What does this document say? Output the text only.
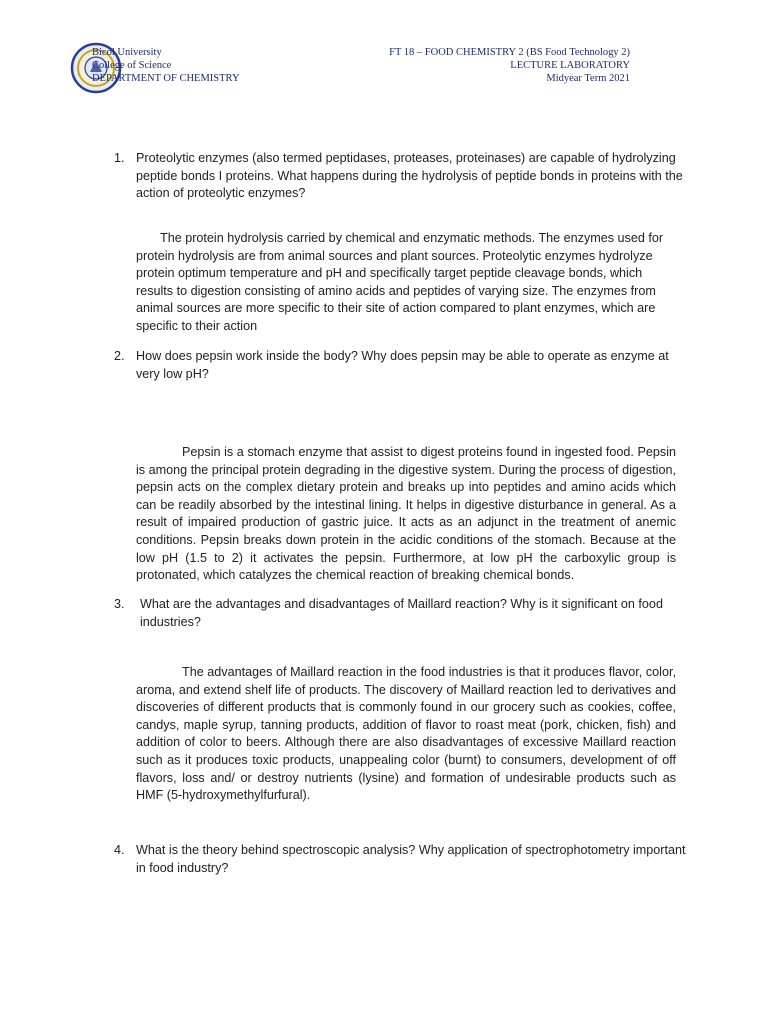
Bicol University
College of Science
DEPARTMENT OF CHEMISTRY
FT 18 – FOOD CHEMISTRY 2 (BS Food Technology 2)
LECTURE LABORATORY
Midyear Term 2021
1. Proteolytic enzymes (also termed peptidases, proteases, proteinases) are capable of hydrolyzing peptide bonds I proteins. What happens during the hydrolysis of peptide bonds in proteins with the action of proteolytic enzymes?
The protein hydrolysis carried by chemical and enzymatic methods. The enzymes used for protein hydrolysis are from animal sources and plant sources. Proteolytic enzymes hydrolyze protein optimum temperature and pH and specifically target peptide cleavage bonds, which results to digestion consisting of amino acids and peptides of varying size. The enzymes from animal sources are more specific to their site of action compared to plant enzymes, which are specific to their action
2. How does pepsin work inside the body? Why does pepsin may be able to operate as enzyme at very low pH?
Pepsin is a stomach enzyme that assist to digest proteins found in ingested food. Pepsin is among the principal protein degrading in the digestive system. During the process of digestion, pepsin acts on the complex dietary protein and breaks up into peptides and amino acids which can be readily absorbed by the intestinal lining. It helps in digestive disturbance in general. As a result of impaired production of gastric juice. It acts as an adjunct in the treatment of anemic conditions. Pepsin breaks down protein in the acidic conditions of the stomach. Because at the low pH (1.5 to 2) it activates the pepsin. Furthermore, at low pH the carboxylic group is protonated, which catalyzes the chemical reaction of breaking chemical bonds.
3. What are the advantages and disadvantages of Maillard reaction? Why is it significant on food industries?
The advantages of Maillard reaction in the food industries is that it produces flavor, color, aroma, and extend shelf life of products. The discovery of Maillard reaction led to derivatives and discoveries of different products that is commonly found in our grocery such as cookies, coffee, candys, maple syrup, tanning products, addition of flavor to roast meat (pork, chicken, fish) and addition of color to beers. Although there are also disadvantages of excessive Maillard reaction such as it produces toxic products, unappealing color (burnt) to consumers, development of off flavors, loss and/ or destroy nutrients (lysine) and formation of undesirable products such as HMF (5-hydroxymethylfurfural).
4. What is the theory behind spectroscopic analysis? Why application of spectrophotometry important in food industry?
